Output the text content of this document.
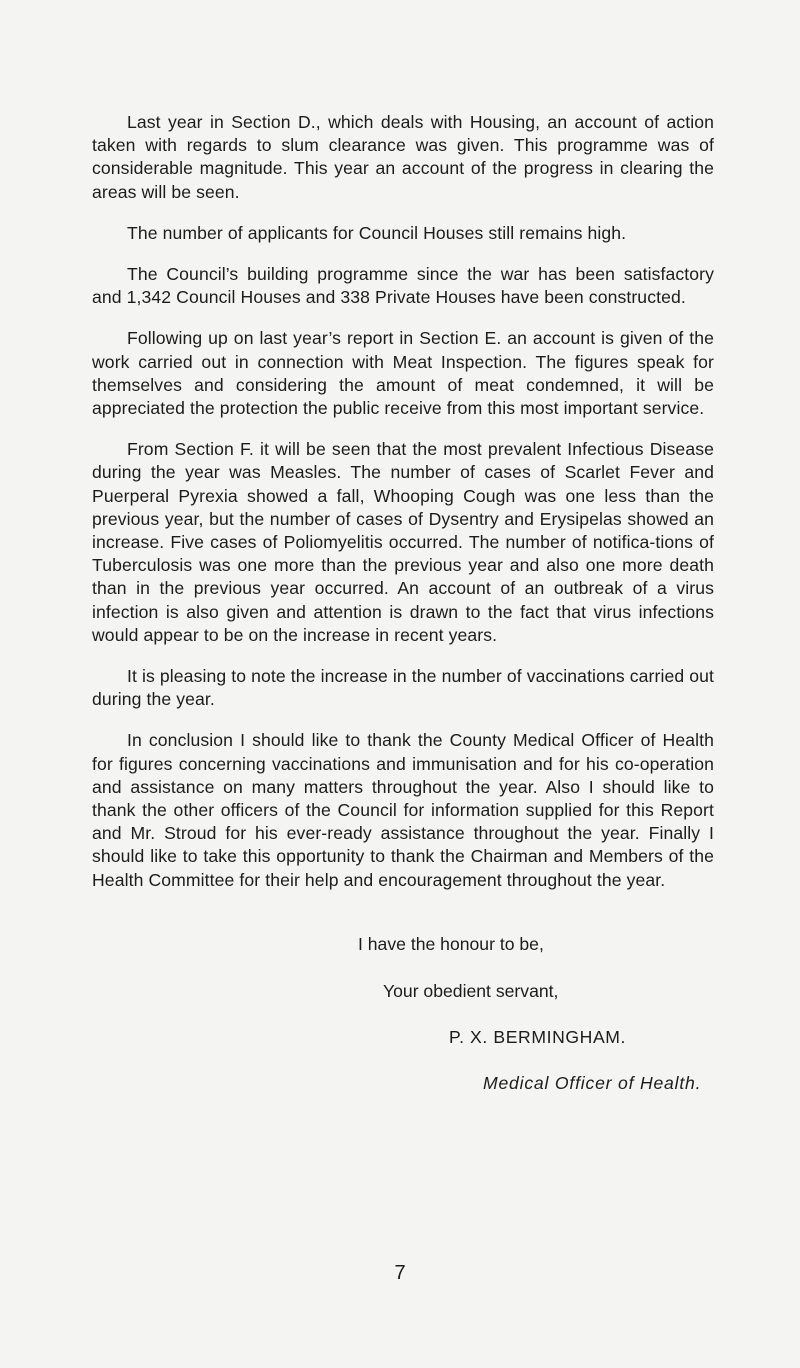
Last year in Section D., which deals with Housing, an account of action taken with regards to slum clearance was given. This programme was of considerable magnitude. This year an account of the progress in clearing the areas will be seen.

The number of applicants for Council Houses still remains high.

The Council’s building programme since the war has been satisfactory and 1,342 Council Houses and 338 Private Houses have been constructed.

Following up on last year’s report in Section E. an account is given of the work carried out in connection with Meat Inspection. The figures speak for themselves and considering the amount of meat condemned, it will be appreciated the protection the public receive from this most important service.

From Section F. it will be seen that the most prevalent Infectious Disease during the year was Measles. The number of cases of Scarlet Fever and Puerperal Pyrexia showed a fall, Whooping Cough was one less than the previous year, but the number of cases of Dysentry and Erysipelas showed an increase. Five cases of Poliomyelitis occurred. The number of notifica-tions of Tuberculosis was one more than the previous year and also one more death than in the previous year occurred. An account of an outbreak of a virus infection is also given and attention is drawn to the fact that virus infections would appear to be on the increase in recent years.

It is pleasing to note the increase in the number of vaccinations carried out during the year.

In conclusion I should like to thank the County Medical Officer of Health for figures concerning vaccinations and immunisation and for his co-operation and assistance on many matters throughout the year. Also I should like to thank the other officers of the Council for information supplied for this Report and Mr. Stroud for his ever-ready assistance throughout the year. Finally I should like to take this opportunity to thank the Chairman and Members of the Health Committee for their help and encouragement throughout the year.

I have the honour to be,
Your obedient servant,
P. X. BERMINGHAM.
Medical Officer of Health.
7
